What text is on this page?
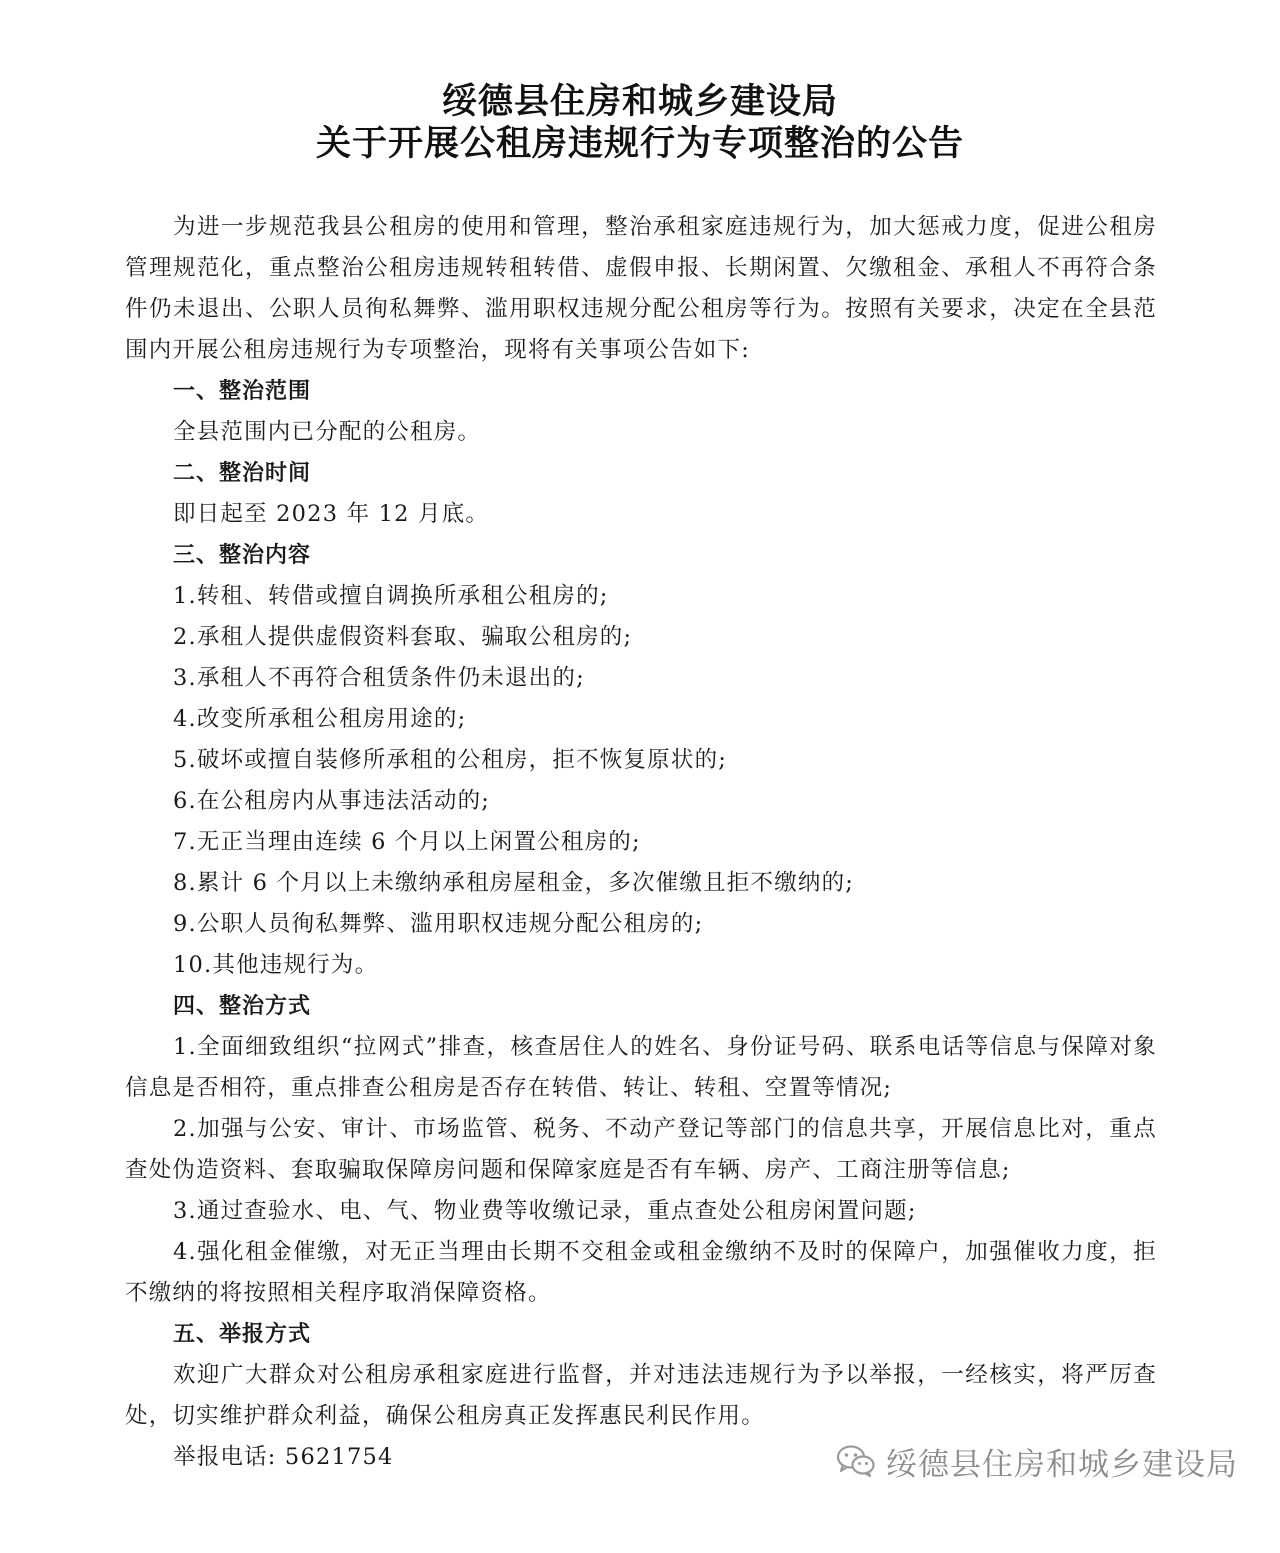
绥德县住房和城乡建设局
关于开展公租房违规行为专项整治的公告

为进一步规范我县公租房的使用和管理，整治承租家庭违规行为，加大惩戒力度，促进公租房管理规范化，重点整治公租房违规转租转借、虚假申报、长期闲置、欠缴租金、承租人不再符合条件仍未退出、公职人员徇私舞弊、滥用职权违规分配公租房等行为。按照有关要求，决定在全县范围内开展公租房违规行为专项整治，现将有关事项公告如下:

一、整治范围

全县范围内已分配的公租房。

二、整治时间

即日起至 2023 年 12 月底。

三、整治内容

1.转租、转借或擅自调换所承租公租房的;

2.承租人提供虚假资料套取、骗取公租房的;

3.承租人不再符合租赁条件仍未退出的;

4.改变所承租公租房用途的;

5.破坏或擅自装修所承租的公租房，拒不恢复原状的;

6.在公租房内从事违法活动的;

7.无正当理由连续 6 个月以上闲置公租房的;

8.累计 6 个月以上未缴纳承租房屋租金，多次催缴且拒不缴纳的;

9.公职人员徇私舞弊、滥用职权违规分配公租房的;

10.其他违规行为。

四、整治方式

1.全面细致组织“拉网式”排查，核查居住人的姓名、身份证号码、联系电话等信息与保障对象信息是否相符，重点排查公租房是否存在转借、转让、转租、空置等情况;

2.加强与公安、审计、市场监管、税务、不动产登记等部门的信息共享，开展信息比对，重点查处伪造资料、套取骗取保障房问题和保障家庭是否有车辆、房产、工商注册等信息;

3.通过查验水、电、气、物业费等收缴记录，重点查处公租房闲置问题;

4.强化租金催缴，对无正当理由长期不交租金或租金缴纳不及时的保障户，加强催收力度，拒不缴纳的将按照相关程序取消保障资格。

五、举报方式

欢迎广大群众对公租房承租家庭进行监督，并对违法违规行为予以举报，一经核实，将严厉查处，切实维护群众利益，确保公租房真正发挥惠民利民作用。

举报电话: 5621754	绥德县住房和城乡建设局
